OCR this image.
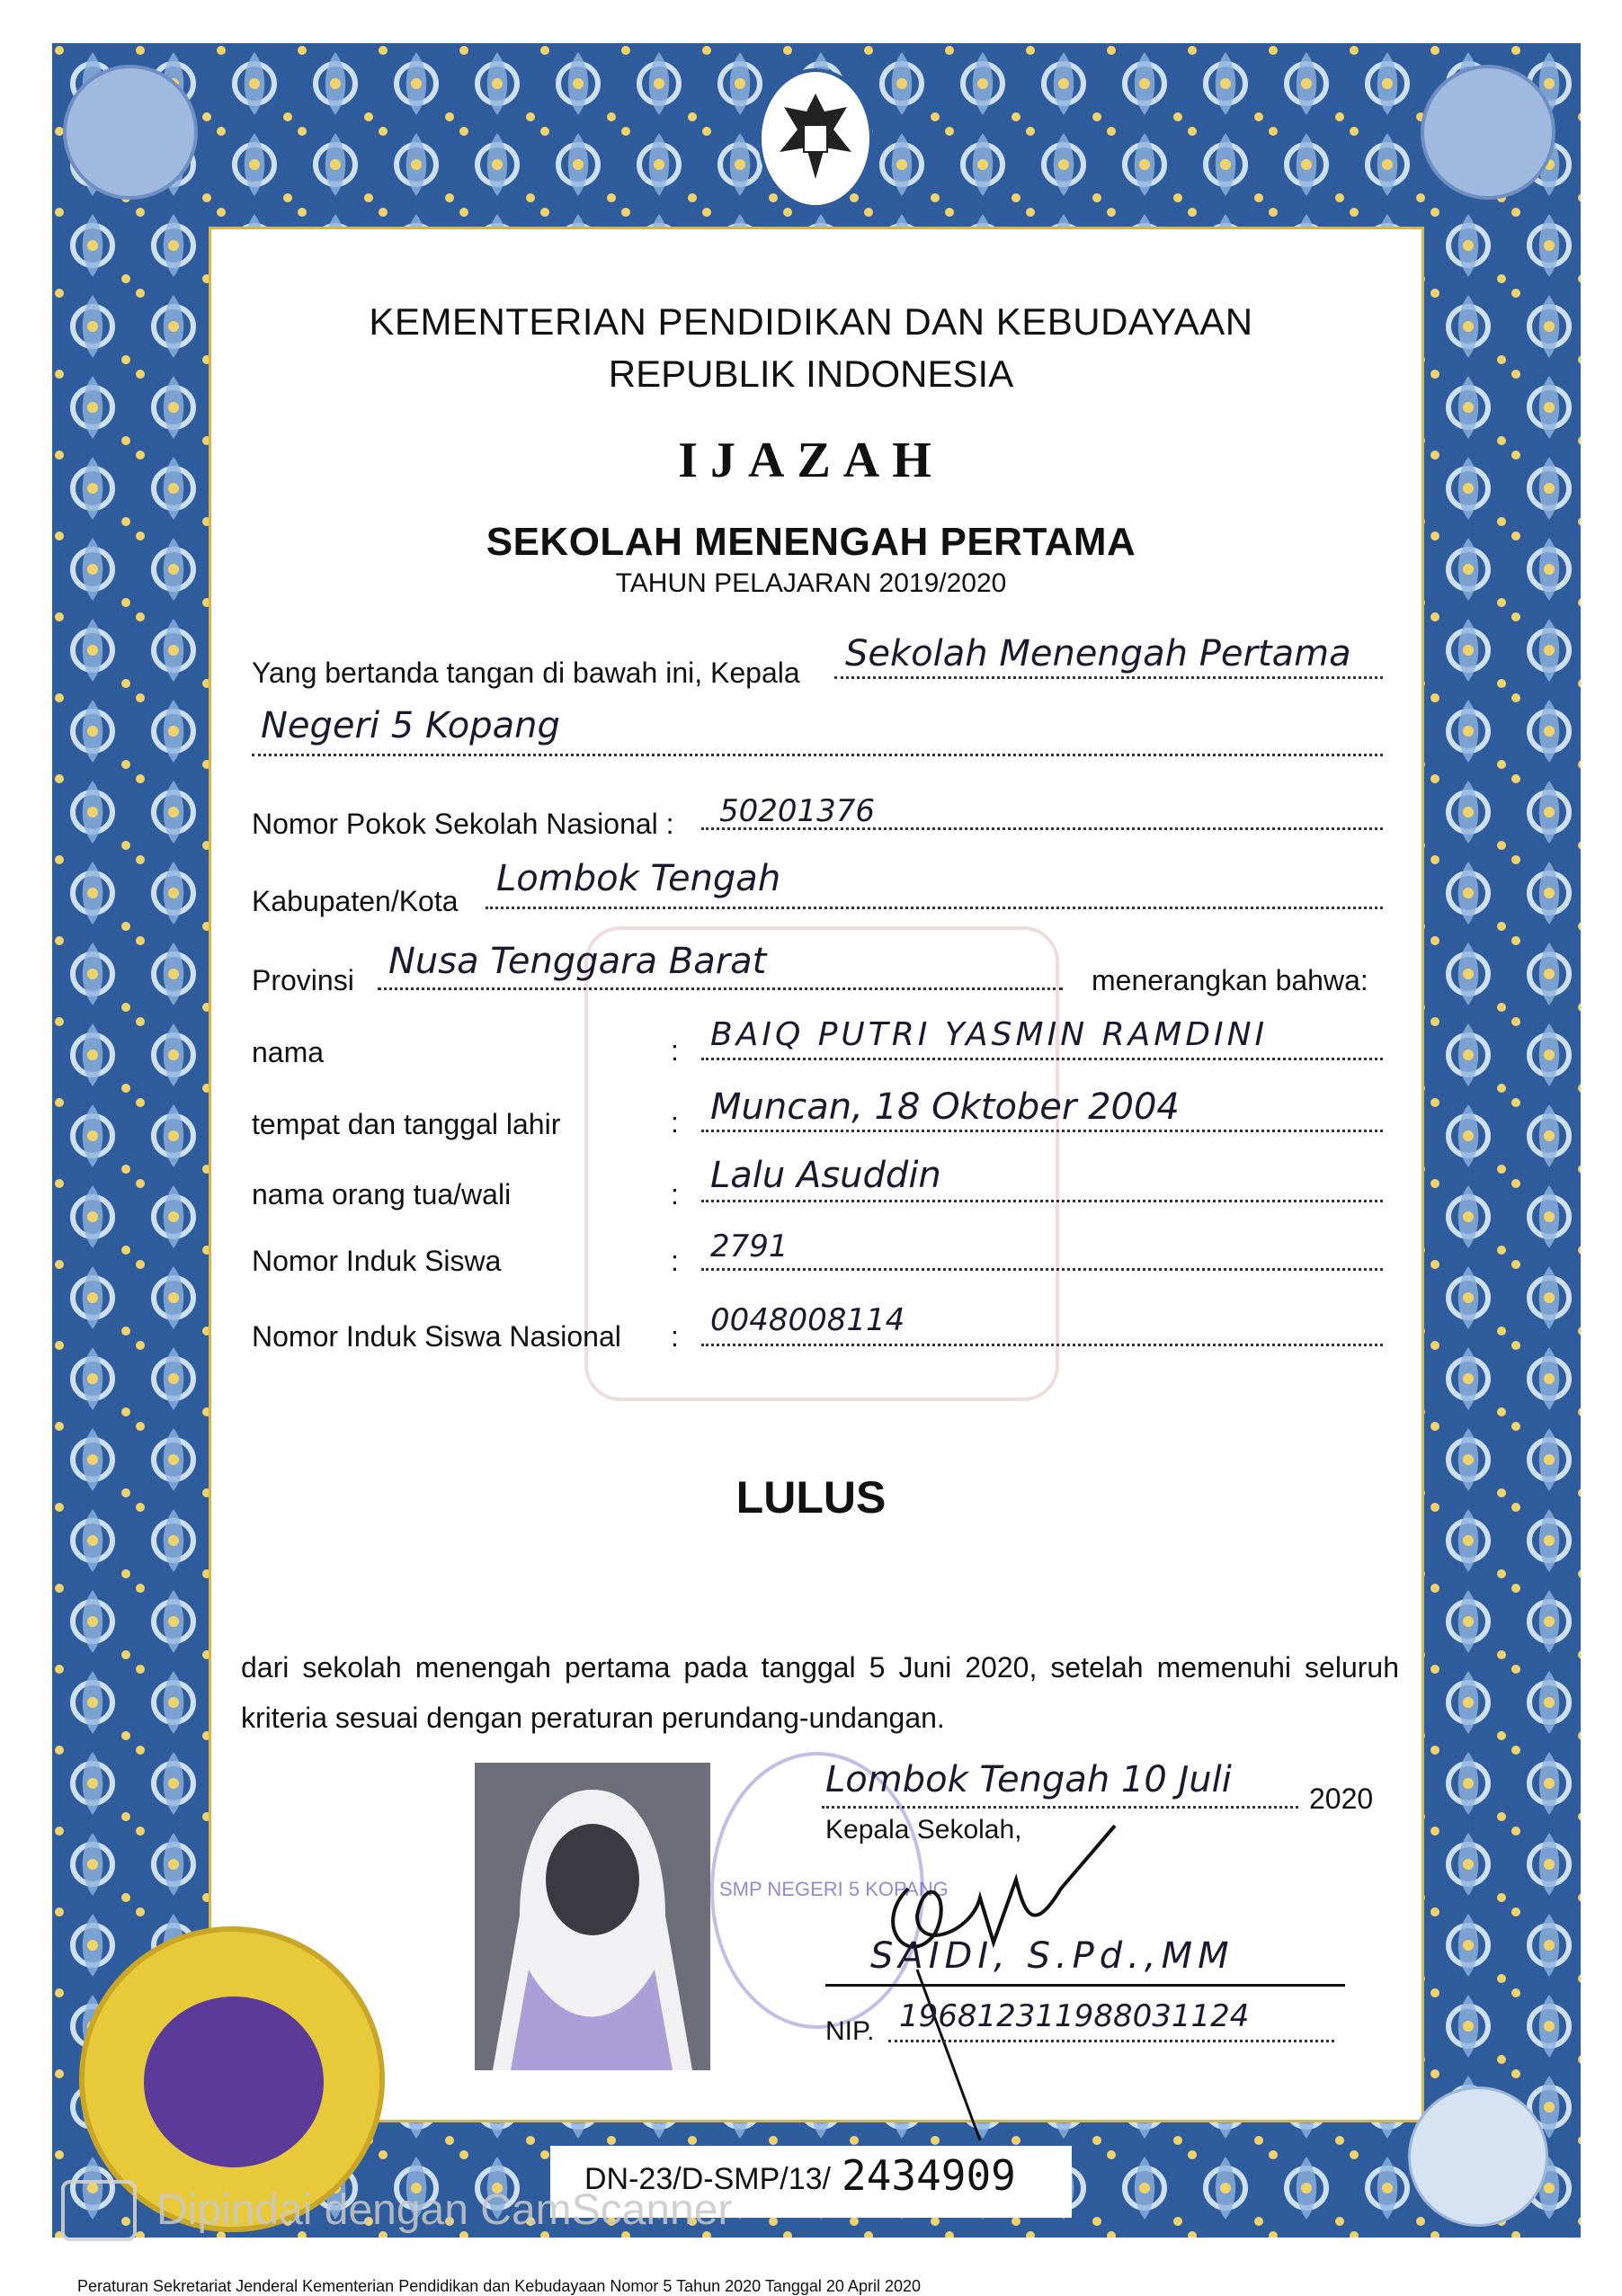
KEMENTERIAN PENDIDIKAN DAN KEBUDAYAAN
REPUBLIK INDONESIA
IJAZAH
SEKOLAH MENENGAH PERTAMA
TAHUN PELAJARAN 2019/2020
Yang bertanda tangan di bawah ini, Kepala Sekolah Menengah Pertama
Negeri 5 Kopang
Nomor Pokok Sekolah Nasional : 50201376
Kabupaten/Kota
Lombok Tengah
Provinsi Nusa Tenggara Barat	menerangkan bahwa:
nama	: BAIQ PUTRI YASMIN RAMDINI
tempat dan tanggal lahir	: Muncan, 18 Oktober 2004
nama orang tua/wali	: Lalu Asuddin
Nomor Induk Siswa	: 2791
Nomor Induk Siswa Nasional : 0048008114
LULUS
dari sekolah menengah pertama pada tanggal 5 Juni 2020, setelah memenuhi seluruh kriteria sesuai dengan peraturan perundang-undangan.
SMP NEGERI 5 KOPANG
Lombok Tengah 10 Juli	2020
Kepala Sekolah,
SAIDI, S.Pd.,MM
NIP. 196812311988031124
DN-23/D-SMP/13/ 2434909
Dipindai dengan CamScanner
Peraturan Sekretariat Jenderal Kementerian Pendidikan dan Kebudayaan Nomor 5 Tahun 2020 Tanggal 20 April 2020
